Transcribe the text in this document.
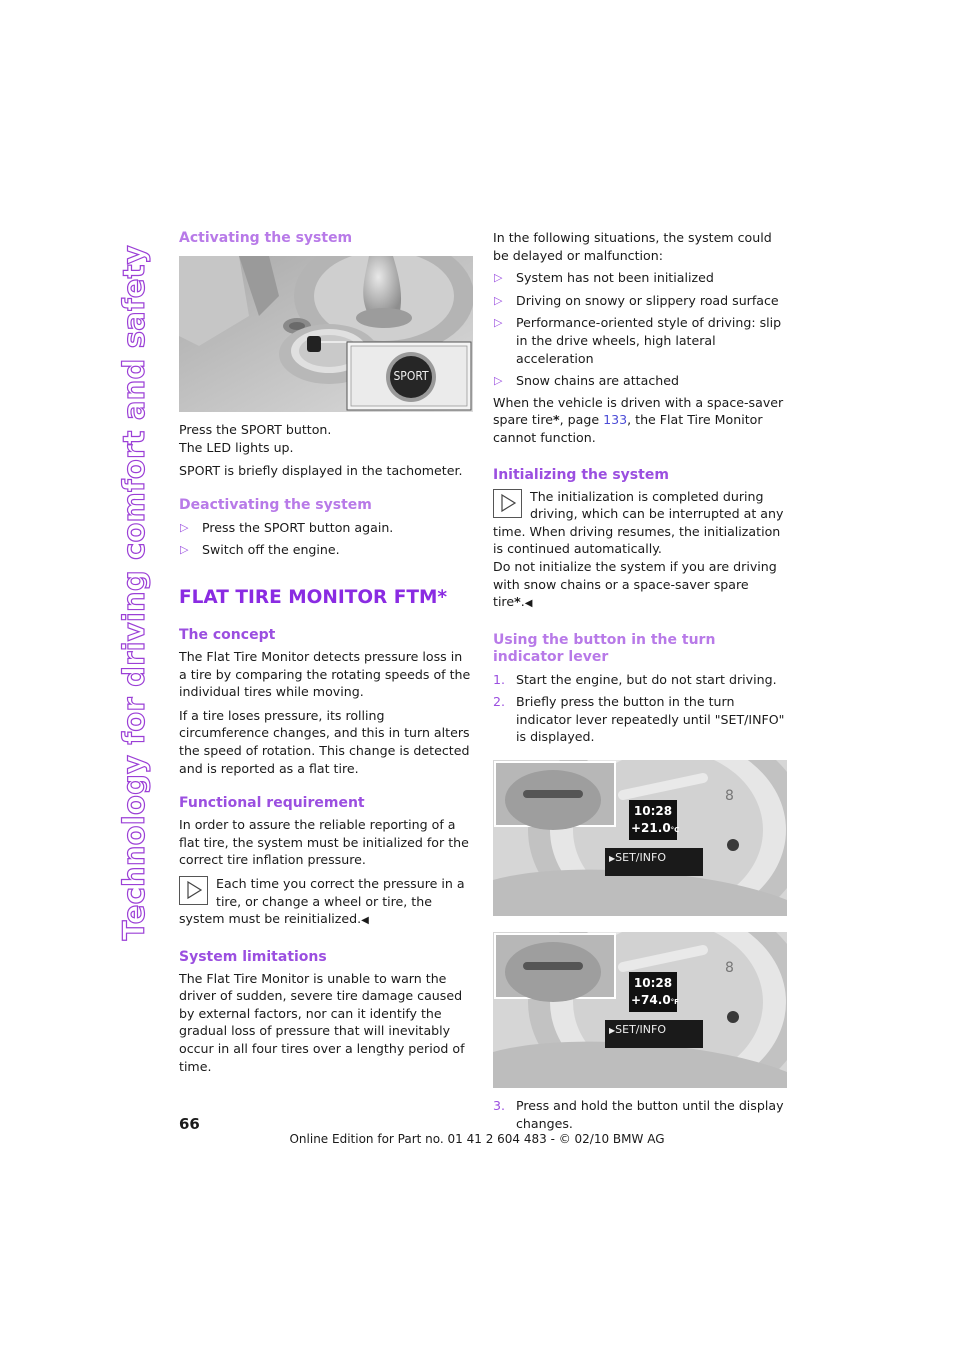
Technology for driving comfort and safety
Activating the system
SPORT

Press the SPORT button.

The LED lights up.

SPORT is briefly displayed in the tachometer.

Deactivating the system
▷ Press the SPORT button again.
▷ Switch off the engine.
FLAT TIRE MONITOR FTM*
The concept

The Flat Tire Monitor detects pressure loss in a tire by comparing the rotating speeds of the individual tires while moving.

If a tire loses pressure, its rolling circumference changes, and this in turn alters the speed of rotation. This change is detected and is reported as a flat tire.

Functional requirement

In order to assure the reliable reporting of a flat tire, the system must be initialized for the correct tire inflation pressure.

Each time you correct the pressure in a tire, or change a wheel or tire, the system must be reinitialized.◀
System limitations

The Flat Tire Monitor is unable to warn the driver of sudden, severe tire damage caused by external factors, nor can it identify the gradual loss of pressure that will inevitably occur in all four tires over a lengthy period of time.

In the following situations, the system could be delayed or malfunction:

▷ System has not been initialized
▷ Driving on snowy or slippery road surface
▷ Performance-oriented style of driving: slip in the drive wheels, high lateral acceleration
▷ Snow chains are attached

When the vehicle is driven with a space-saver spare tire*, page 133, the Flat Tire Monitor cannot function.

Initializing the system
The initialization is completed during driving, which can be interrupted at any time. When driving resumes, the initialization is continued automatically.

Do not initialize the system if you are driving with snow chains or a space-saver spare tire*.◀

Using the button in the turn indicator lever
1. Start the engine, but do not start driving.
2. Briefly press the button in the turn indicator lever repeatedly until "SET/INFO" is displayed.
8
10:28
+21.0°C
▶SET/INFO
8
10:28
+74.0°F
▶SET/INFO
3. Press and hold the button until the display changes.
66
Online Edition for Part no. 01 41 2 604 483 - © 02/10 BMW AG
